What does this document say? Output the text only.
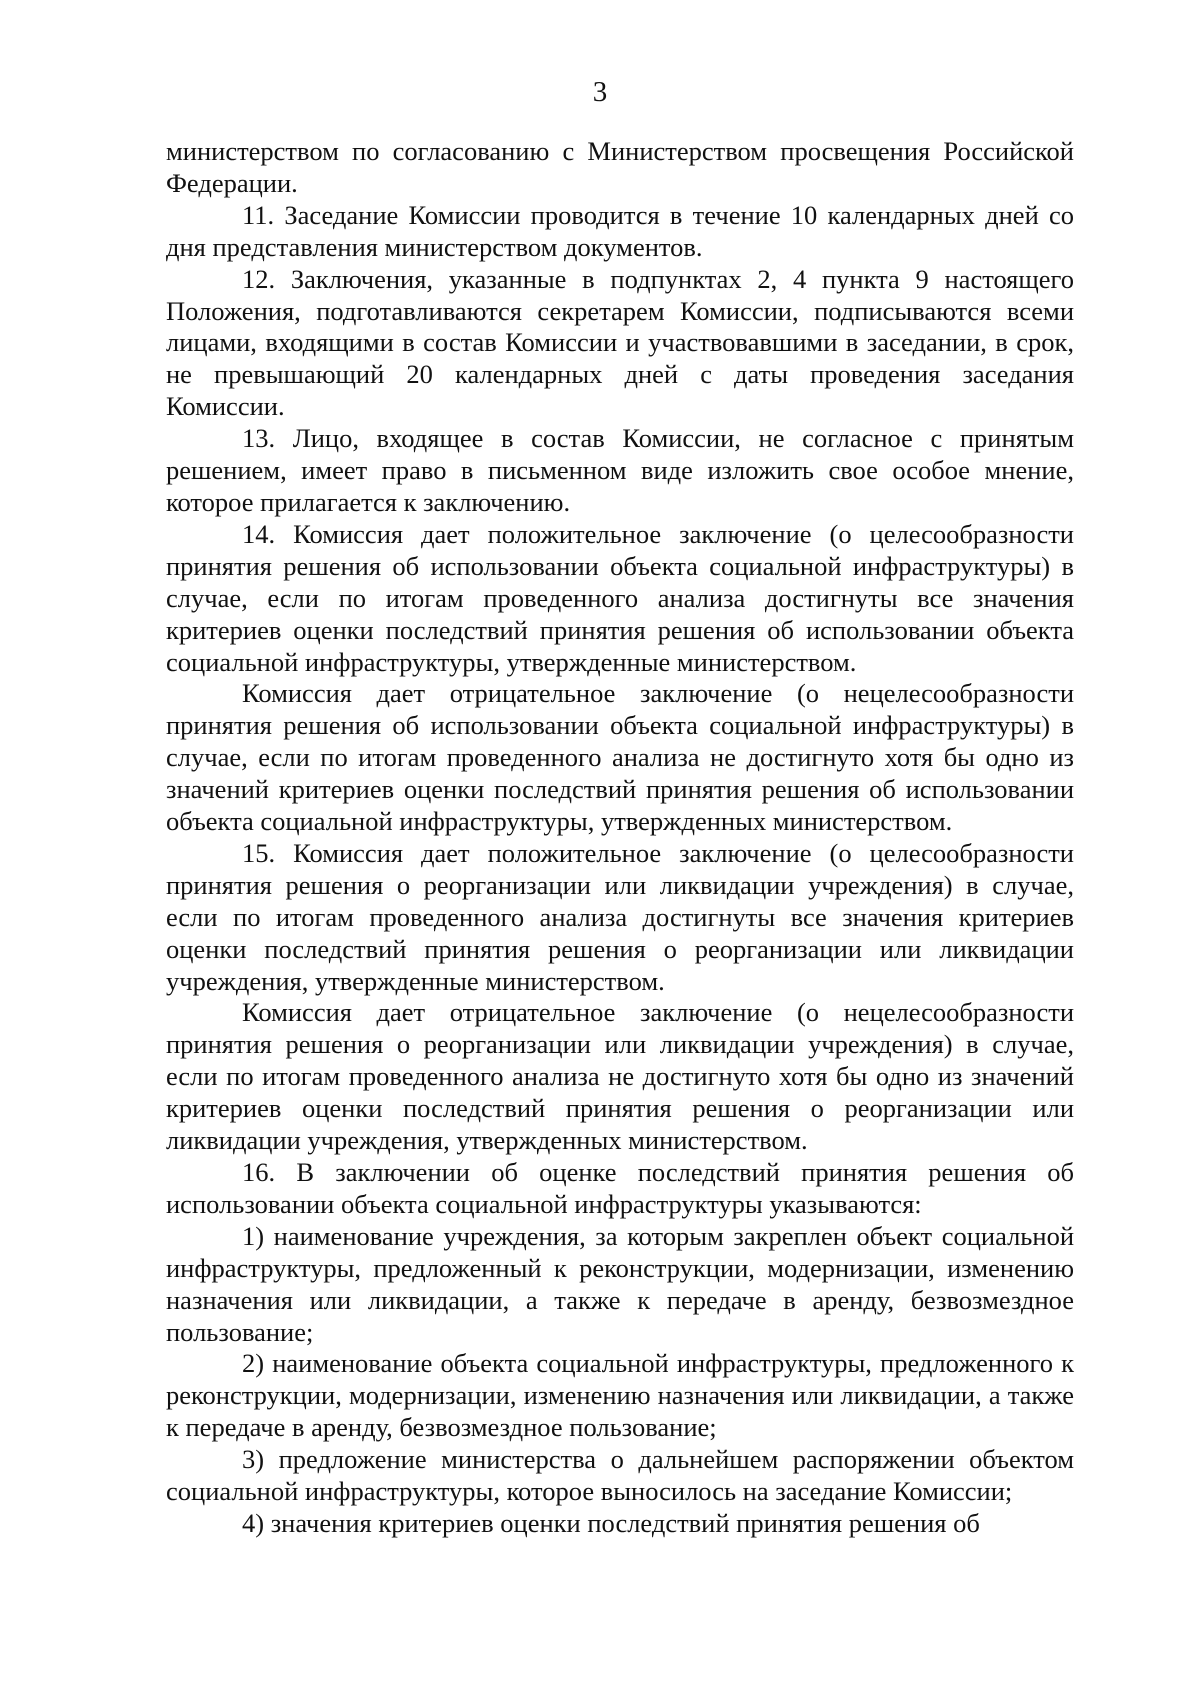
3

министерством по согласованию с Министерством просвещения Российской Федерации.

11. Заседание Комиссии проводится в течение 10 календарных дней со дня представления министерством документов.

12. Заключения, указанные в подпунктах 2, 4 пункта 9 настоящего Положения, подготавливаются секретарем Комиссии, подписываются всеми лицами, входящими в состав Комиссии и участвовавшими в заседании, в срок, не превышающий 20 календарных дней с даты проведения заседания Комиссии.

13. Лицо, входящее в состав Комиссии, не согласное с принятым решением, имеет право в письменном виде изложить свое особое мнение, которое прилагается к заключению.

14. Комиссия дает положительное заключение (о целесообразности принятия решения об использовании объекта социальной инфраструктуры) в случае, если по итогам проведенного анализа достигнуты все значения критериев оценки последствий принятия решения об использовании объекта социальной инфраструктуры, утвержденные министерством.

Комиссия дает отрицательное заключение (о нецелесообразности принятия решения об использовании объекта социальной инфраструктуры) в случае, если по итогам проведенного анализа не достигнуто хотя бы одно из значений критериев оценки последствий принятия решения об использовании объекта социальной инфраструктуры, утвержденных министерством.

15. Комиссия дает положительное заключение (о целесообразности принятия решения о реорганизации или ликвидации учреждения) в случае, если по итогам проведенного анализа достигнуты все значения критериев оценки последствий принятия решения о реорганизации или ликвидации учреждения, утвержденные министерством.

Комиссия дает отрицательное заключение (о нецелесообразности принятия решения о реорганизации или ликвидации учреждения) в случае, если по итогам проведенного анализа не достигнуто хотя бы одно из значений критериев оценки последствий принятия решения о реорганизации или ликвидации учреждения, утвержденных министерством.

16. В заключении об оценке последствий принятия решения об использовании объекта социальной инфраструктуры указываются:

1) наименование учреждения, за которым закреплен объект социальной инфраструктуры, предложенный к реконструкции, модернизации, изменению назначения или ликвидации, а также к передаче в аренду, безвозмездное пользование;

2) наименование объекта социальной инфраструктуры, предложенного к реконструкции, модернизации, изменению назначения или ликвидации, а также к передаче в аренду, безвозмездное пользование;

3) предложение министерства о дальнейшем распоряжении объектом социальной инфраструктуры, которое выносилось на заседание Комиссии;

4) значения критериев оценки последствий принятия решения об
